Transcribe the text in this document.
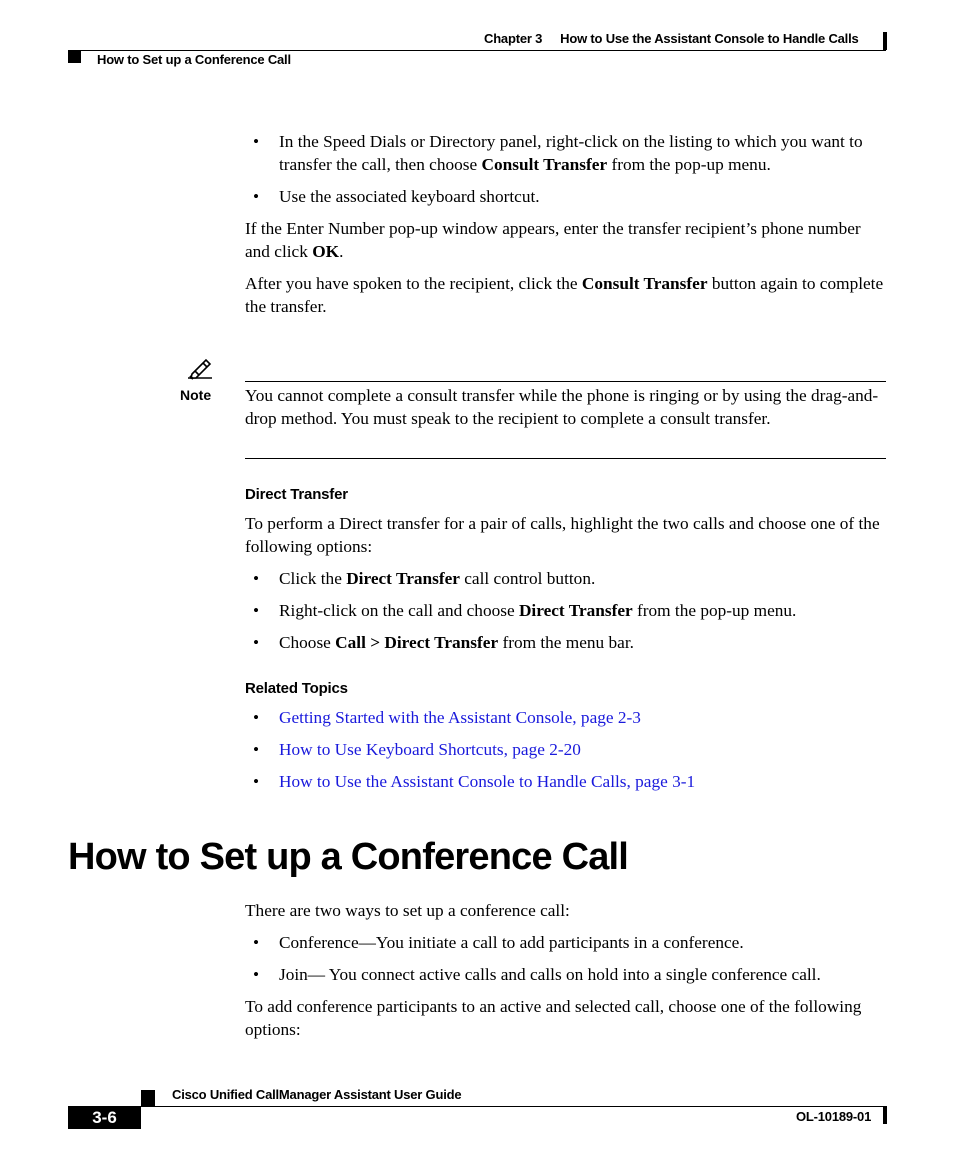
Chapter 3 How to Use the Assistant Console to Handle Calls
How to Set up a Conference Call
• In the Speed Dials or Directory panel, right-click on the listing to which you want to transfer the call, then choose Consult Transfer from the pop-up menu.
• Use the associated keyboard shortcut.

If the Enter Number pop-up window appears, enter the transfer recipient’s phone number and click OK.

After you have spoken to the recipient, click the Consult Transfer button again to complete the transfer.

Note You cannot complete a consult transfer while the phone is ringing or by using the drag-and-drop method. You must speak to the recipient to complete a consult transfer.
Direct Transfer

To perform a Direct transfer for a pair of calls, highlight the two calls and choose one of the following options:

• Click the Direct Transfer call control button.
• Right-click on the call and choose Direct Transfer from the pop-up menu.
• Choose Call > Direct Transfer from the menu bar.
Related Topics
• Getting Started with the Assistant Console, page 2-3
• How to Use Keyboard Shortcuts, page 2-20
• How to Use the Assistant Console to Handle Calls, page 3-1
How to Set up a Conference Call

There are two ways to set up a conference call:

• Conference—You initiate a call to add participants in a conference.
• Join— You connect active calls and calls on hold into a single conference call.

To add conference participants to an active and selected call, choose one of the following options:

Cisco Unified CallManager Assistant User Guide
3-6	OL-10189-01
